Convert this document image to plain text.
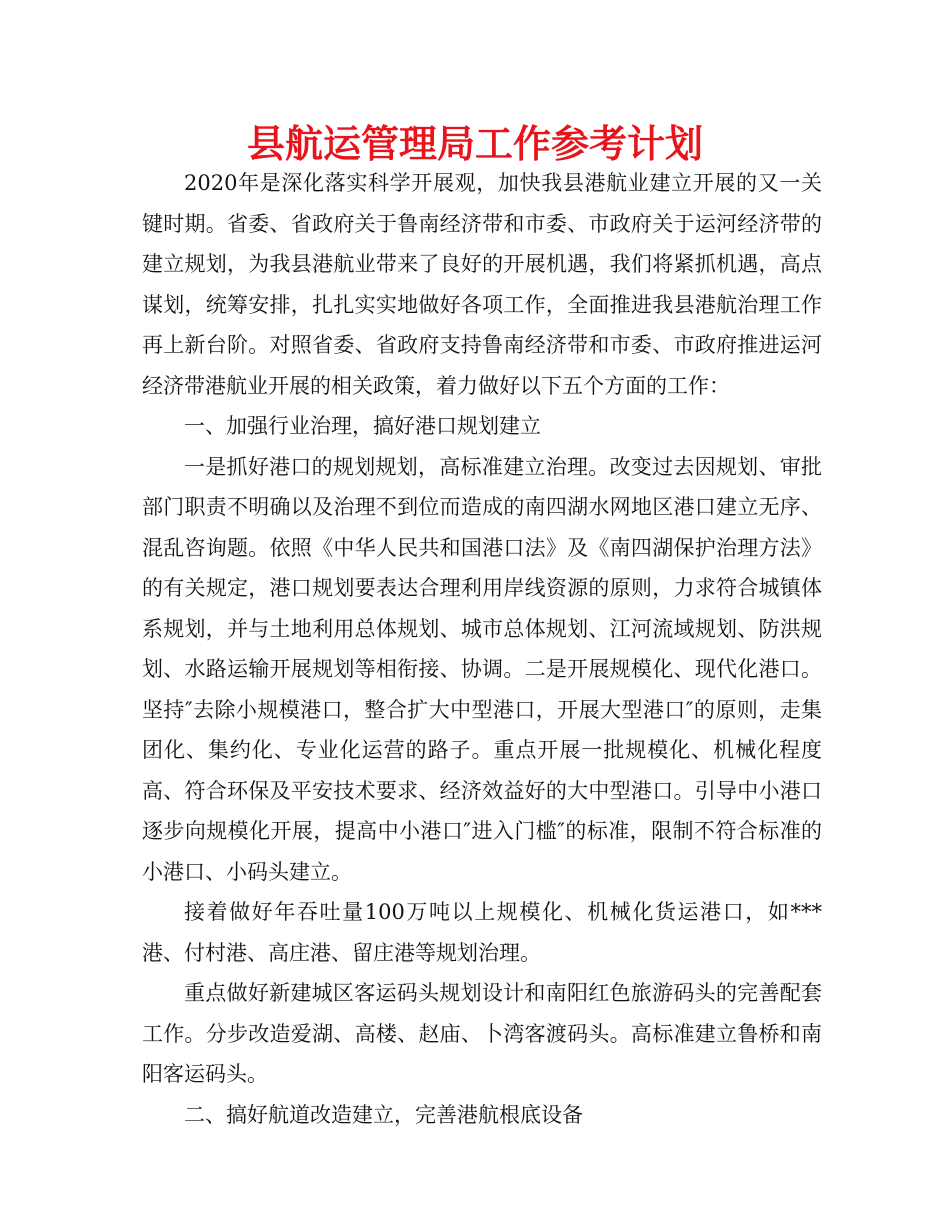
县航运管理局工作参考计划

2020年是深化落实科学开展观，加快我县港航业建立开展的又一关键时期。省委、省政府关于鲁南经济带和市委、市政府关于运河经济带的建立规划，为我县港航业带来了良好的开展机遇，我们将紧抓机遇，高点谋划，统筹安排，扎扎实实地做好各项工作，全面推进我县港航治理工作再上新台阶。对照省委、省政府支持鲁南经济带和市委、市政府推进运河经济带港航业开展的相关政策，着力做好以下五个方面的工作：

一、加强行业治理，搞好港口规划建立

一是抓好港口的规划规划，高标准建立治理。改变过去因规划、审批部门职责不明确以及治理不到位而造成的南四湖水网地区港口建立无序、混乱咨询题。依照《中华人民共和国港口法》及《南四湖保护治理方法》的有关规定，港口规划要表达合理利用岸线资源的原则，力求符合城镇体系规划，并与土地利用总体规划、城市总体规划、江河流域规划、防洪规划、水路运输开展规划等相衔接、协调。二是开展规模化、现代化港口。坚持″去除小规模港口，整合扩大中型港口，开展大型港口″的原则，走集团化、集约化、专业化运营的路子。重点开展一批规模化、机械化程度高、符合环保及平安技术要求、经济效益好的大中型港口。引导中小港口逐步向规模化开展，提高中小港口″进入门槛″的标准，限制不符合标准的小港口、小码头建立。

接着做好年吞吐量100万吨以上规模化、机械化货运港口，如***港、付村港、高庄港、留庄港等规划治理。

重点做好新建城区客运码头规划设计和南阳红色旅游码头的完善配套工作。分步改造爱湖、高楼、赵庙、卜湾客渡码头。高标准建立鲁桥和南阳客运码头。

二、搞好航道改造建立，完善港航根底设备
